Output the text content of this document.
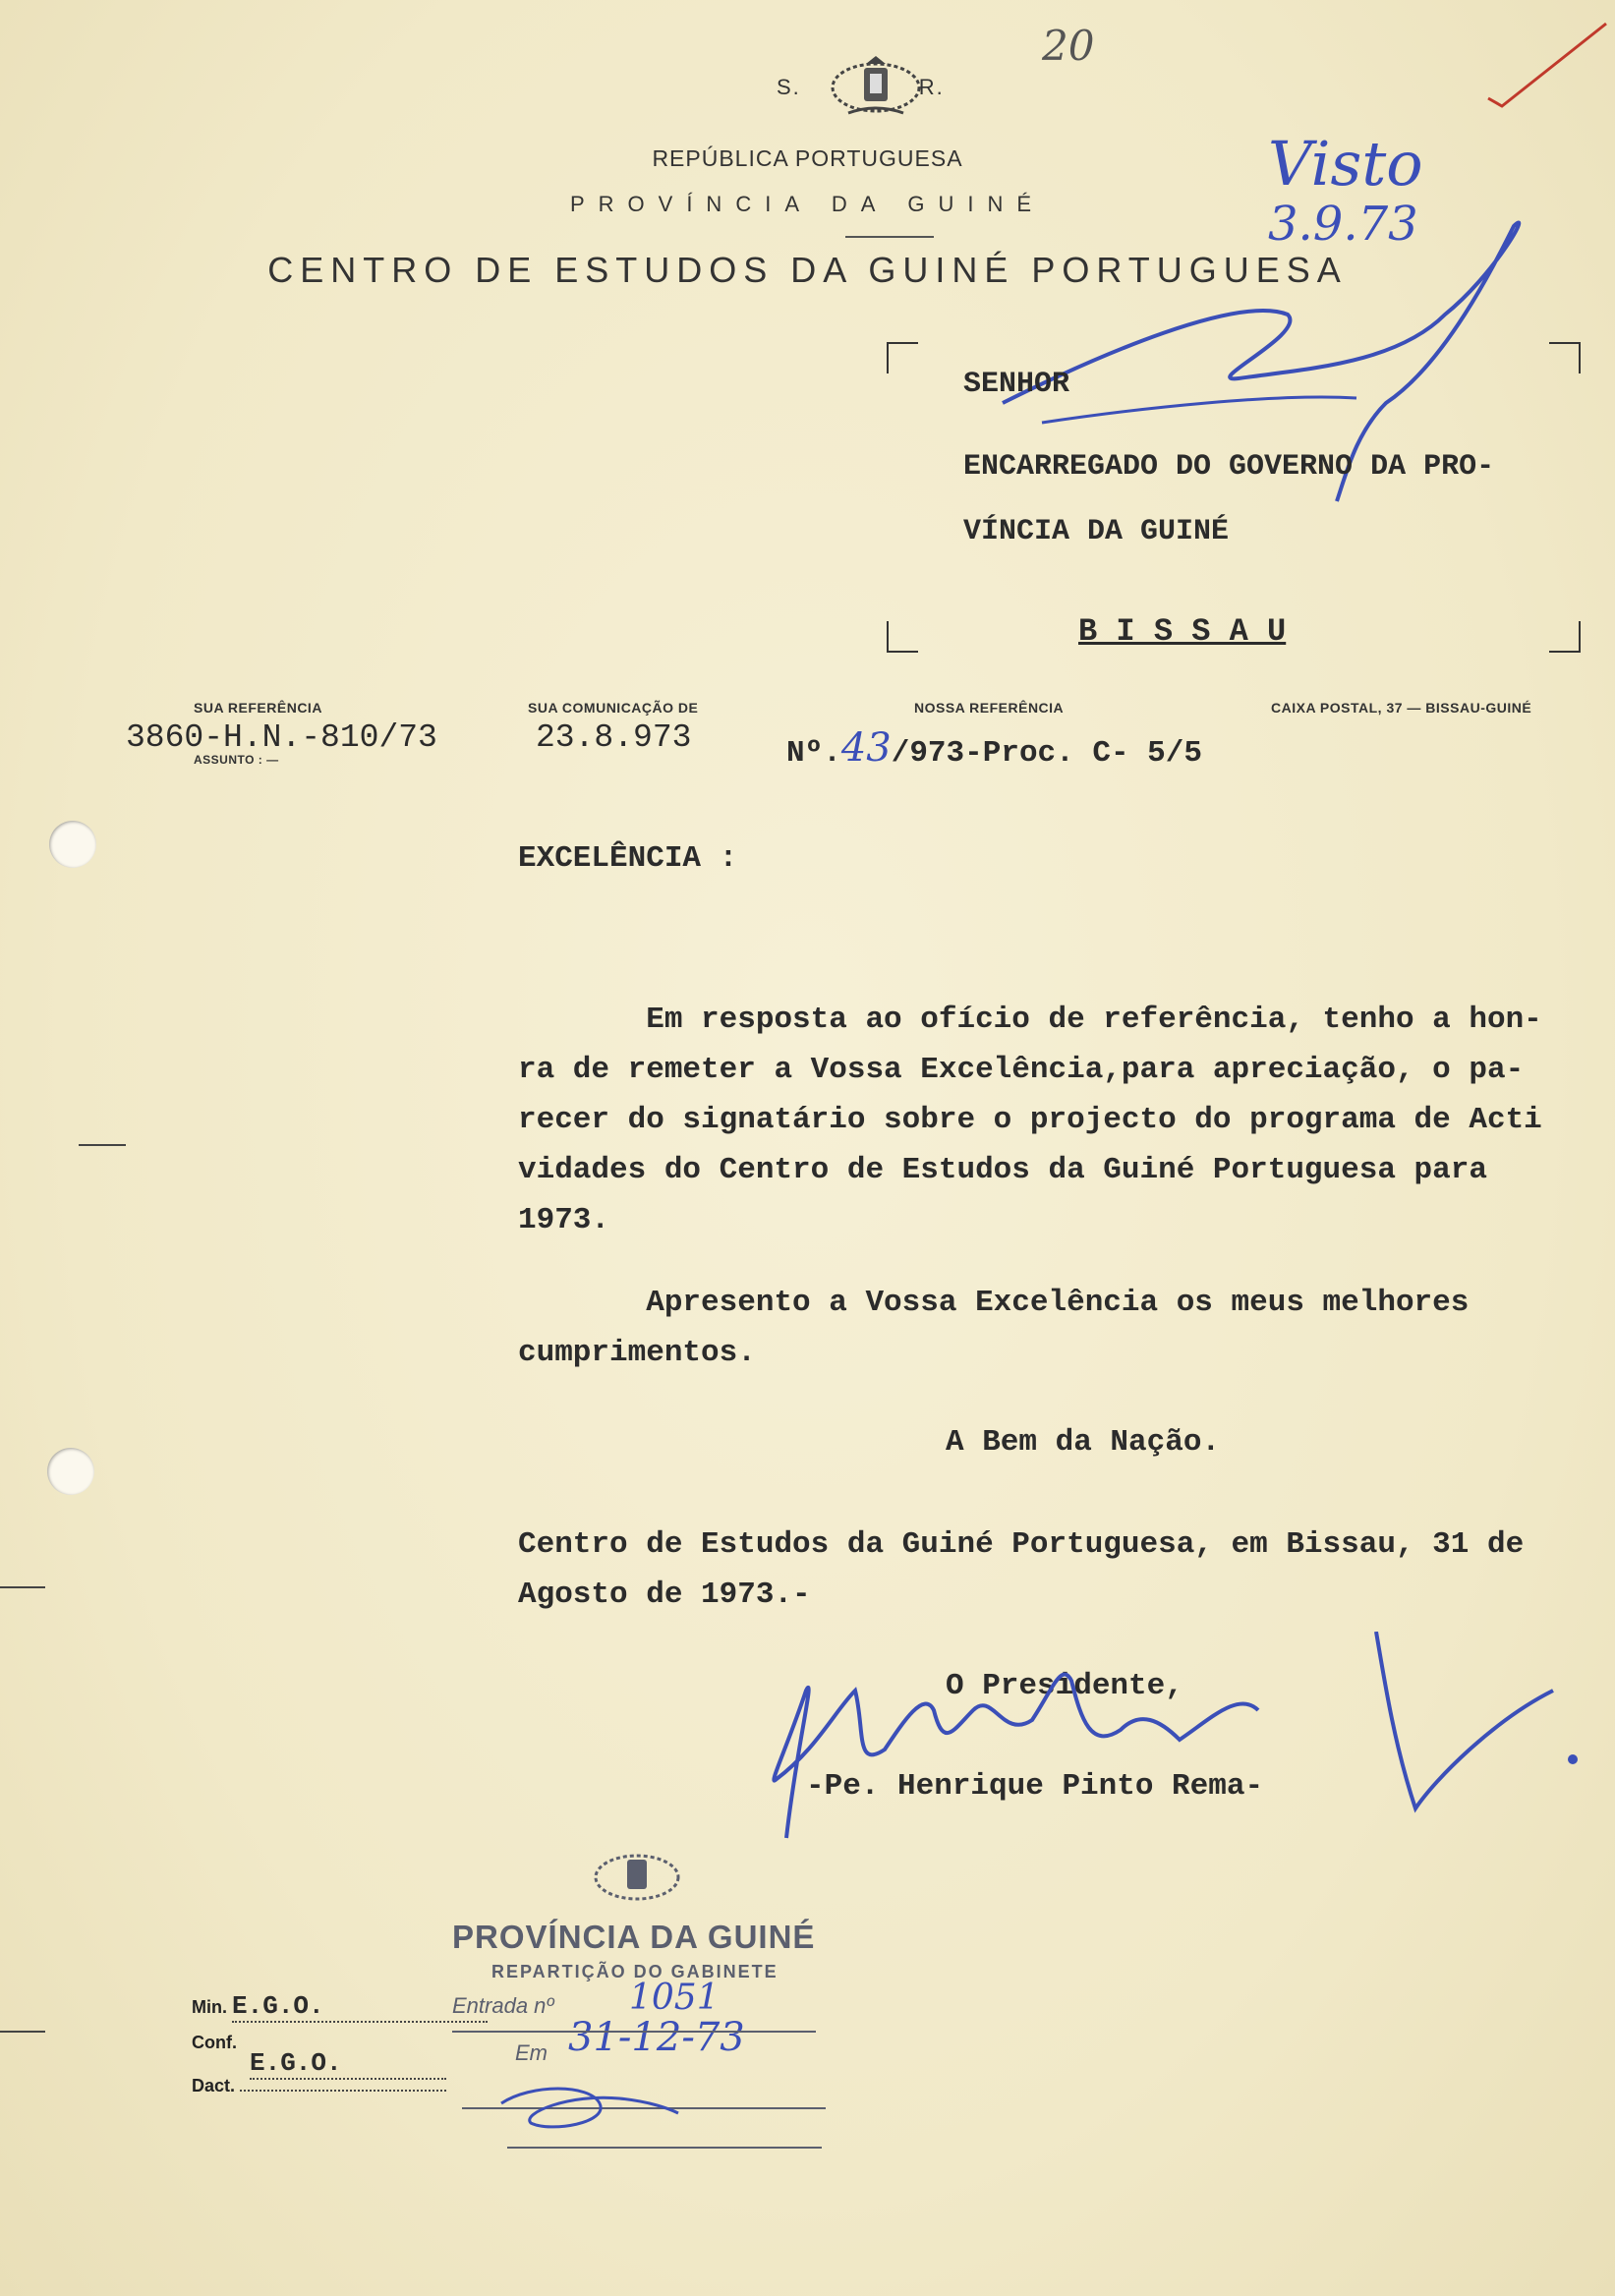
S.	R.
REPÚBLICA PORTUGUESA
PROVÍNCIA DA GUINÉ
CENTRO DE ESTUDOS DA GUINÉ PORTUGUESA
20
Visto
3.9.73
SENHOR
ENCARREGADO DO GOVERNO DA PRO-
VÍNCIA DA GUINÉ
B I S S A U
SUA REFERÊNCIA
3860-H.N.-810/73
ASSUNTO : —
SUA COMUNICAÇÃO DE
23.8.973
NOSSA REFERÊNCIA
Nº.43/973-Proc. C- 5/5
CAIXA POSTAL, 37 — BISSAU-GUINÉ
EXCELÊNCIA :
Em resposta ao ofício de referência, tenho a hon-
ra de remeter a Vossa Excelência,para apreciação, o pa-
recer do signatário sobre o projecto do programa de Acti
vidades do Centro de Estudos da Guiné Portuguesa para
1973.
Apresento a Vossa Excelência os meus melhores
cumprimentos.
A Bem da Nação.
Centro de Estudos da Guiné Portuguesa, em Bissau, 31 de
Agosto de 1973.-
O Presidente,
-Pe. Henrique Pinto Rema-
Min. E.G.O.
Conf.
E.G.O.
Dact.
PROVÍNCIA DA GUINÉ
REPARTIÇÃO DO GABINETE
Entrada nº 1051
Em 31-12-73
